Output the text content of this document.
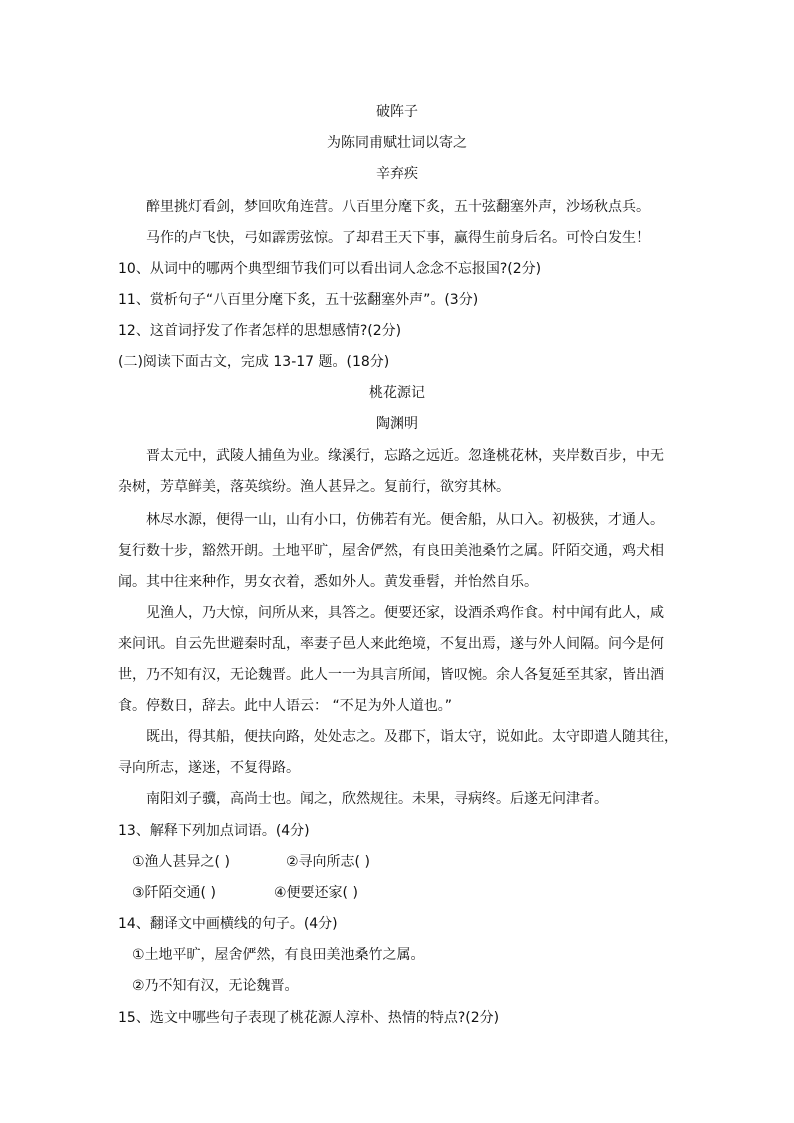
破阵子
为陈同甫赋壮词以寄之
辛弃疾
醉里挑灯看剑，梦回吹角连营。八百里分麾下炙，五十弦翻塞外声，沙场秋点兵。
马作的卢飞快，弓如霹雳弦惊。了却君王天下事，赢得生前身后名。可怜白发生！
10、从词中的哪两个典型细节我们可以看出词人念念不忘报国?(2分)
11、赏析句子“八百里分麾下炙，五十弦翻塞外声”。(3分)
12、这首词抒发了作者怎样的思想感情?(2分)
(二)阅读下面古文，完成 13-17 题。(18分)
桃花源记
陶渊明
晋太元中，武陵人捕鱼为业。缘溪行，忘路之远近。忽逢桃花林，夹岸数百步，中无
杂树，芳草鲜美，落英缤纷。渔人甚异之。复前行，欲穷其林。
林尽水源，便得一山，山有小口，仿佛若有光。便舍船，从口入。初极狭，才通人。
复行数十步，豁然开朗。土地平旷，屋舍俨然，有良田美池桑竹之属。阡陌交通，鸡犬相
闻。其中往来种作，男女衣着，悉如外人。黄发垂髫，并怡然自乐。
见渔人，乃大惊，问所从来，具答之。便要还家，设酒杀鸡作食。村中闻有此人，咸
来问讯。自云先世避秦时乱，率妻子邑人来此绝境，不复出焉，遂与外人间隔。问今是何
世，乃不知有汉，无论魏晋。此人一一为具言所闻，皆叹惋。余人各复延至其家，皆出酒
食。停数日，辞去。此中人语云： “不足为外人道也。”
既出，得其船，便扶向路，处处志之。及郡下，诣太守，说如此。太守即遣人随其往，
寻向所志，遂迷，不复得路。
南阳刘子骥，高尚士也。闻之，欣然规往。未果，寻病终。后遂无问津者。
13、解释下列加点词语。(4分)
①渔人甚异之( )	②寻向所志( )
③阡陌交通( )	④便要还家( )
14、翻译文中画横线的句子。(4分)
①土地平旷，屋舍俨然，有良田美池桑竹之属。
②乃不知有汉，无论魏晋。
15、选文中哪些句子表现了桃花源人淳朴、热情的特点?(2分)
